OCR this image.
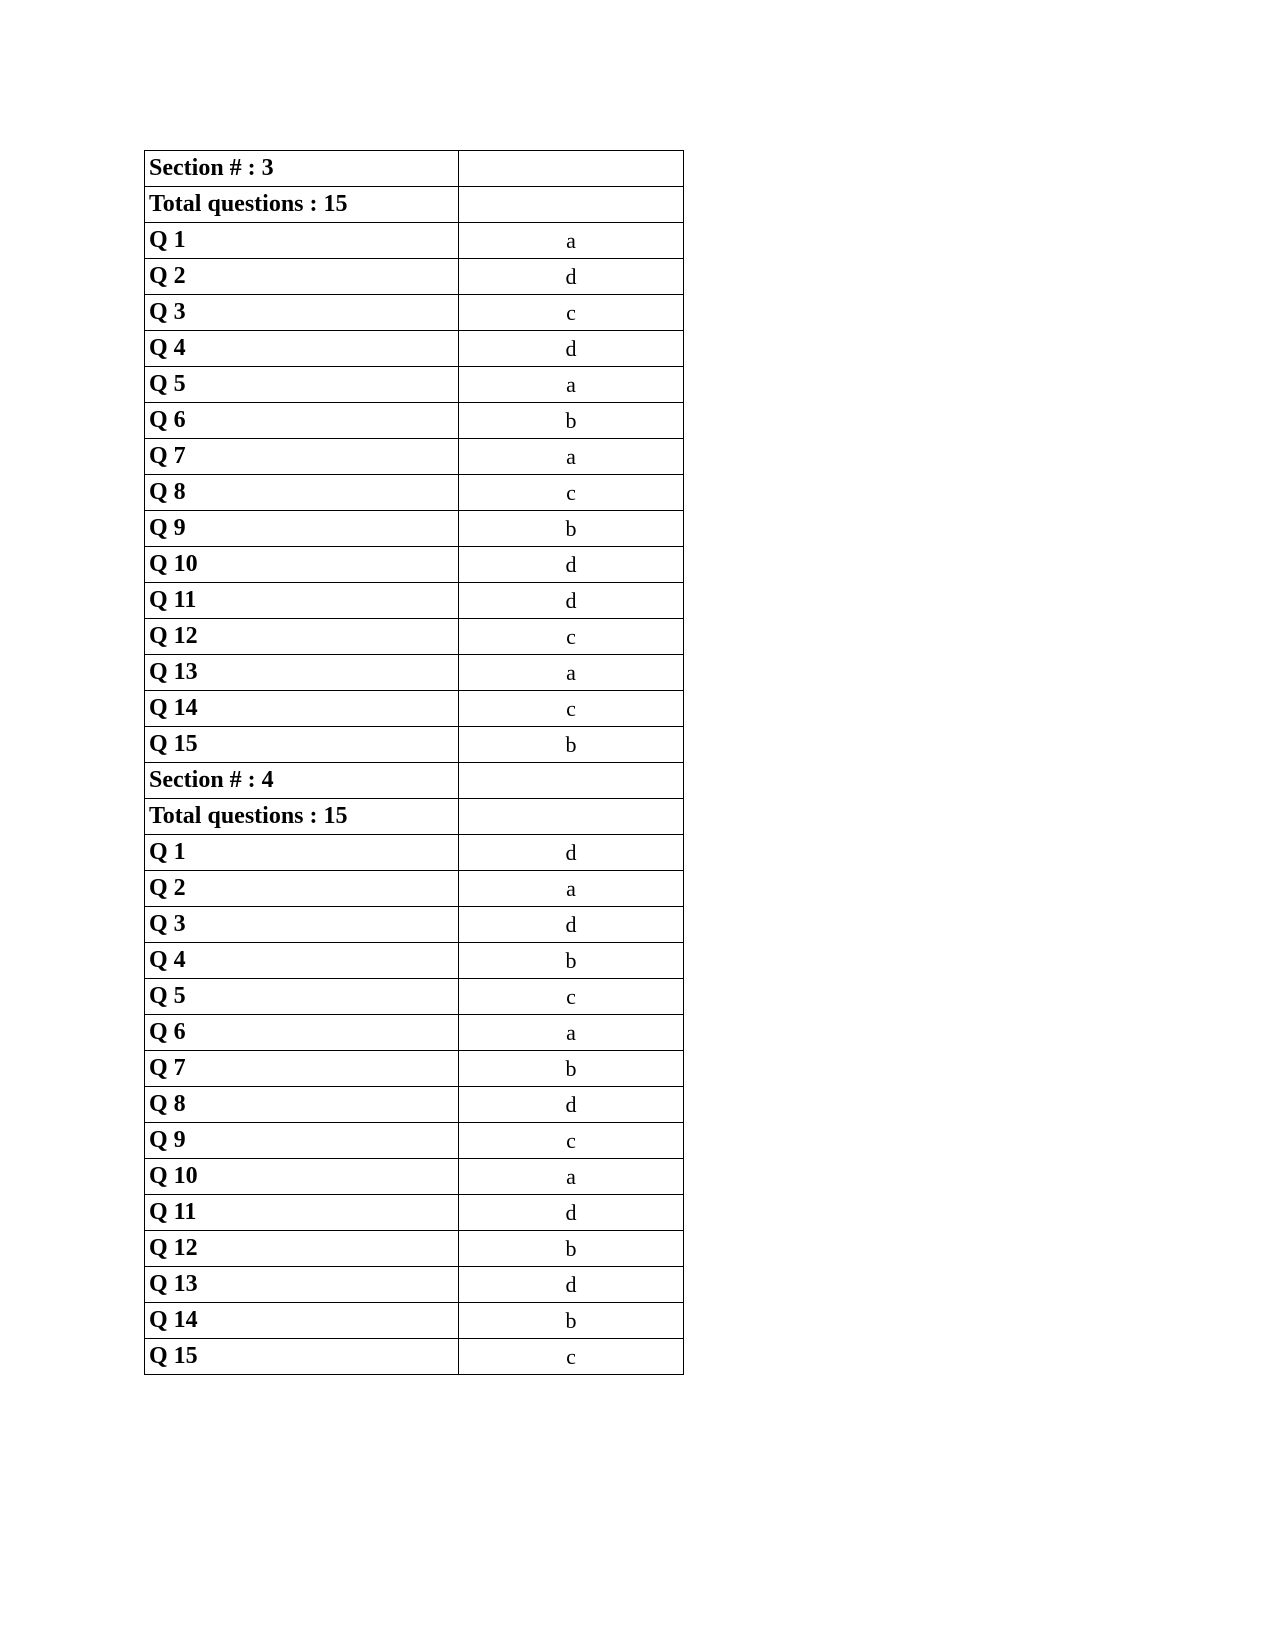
Section # : 3	
Total questions : 15	
Q 1	a
Q 2	d
Q 3	c
Q 4	d
Q 5	a
Q 6	b
Q 7	a
Q 8	c
Q 9	b
Q 10	d
Q 11	d
Q 12	c
Q 13	a
Q 14	c
Q 15	b
Section # : 4	
Total questions : 15	
Q 1	d
Q 2	a
Q 3	d
Q 4	b
Q 5	c
Q 6	a
Q 7	b
Q 8	d
Q 9	c
Q 10	a
Q 11	d
Q 12	b
Q 13	d
Q 14	b
Q 15	c
